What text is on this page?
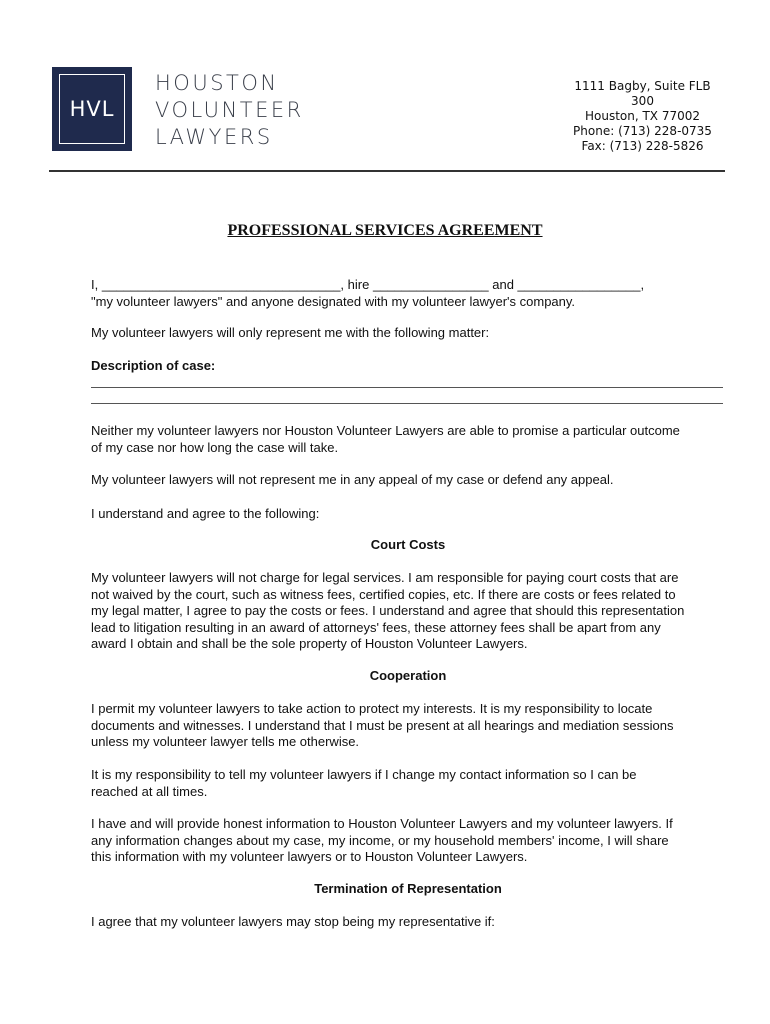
HVL
HOUSTON
VOLUNTEER
LAWYERS
1111 Bagby, Suite FLB
300
Houston, TX 77002
Phone: (713) 228-0735
Fax: (713) 228-5826
PROFESSIONAL SERVICES AGREEMENT
I, _________________________________, hire ________________ and _________________,
"my volunteer lawyers" and anyone designated with my volunteer lawyer's company.
My volunteer lawyers will only represent me with the following matter:
Description of case:
Neither my volunteer lawyers nor Houston Volunteer Lawyers are able to promise a particular outcome
of my case nor how long the case will take.
My volunteer lawyers will not represent me in any appeal of my case or defend any appeal.
I understand and agree to the following:
Court Costs
My volunteer lawyers will not charge for legal services. I am responsible for paying court costs that are
not waived by the court, such as witness fees, certified copies, etc. If there are costs or fees related to
my legal matter, I agree to pay the costs or fees. I understand and agree that should this representation
lead to litigation resulting in an award of attorneys' fees, these attorney fees shall be apart from any
award I obtain and shall be the sole property of Houston Volunteer Lawyers.
Cooperation
I permit my volunteer lawyers to take action to protect my interests. It is my responsibility to locate
documents and witnesses. I understand that I must be present at all hearings and mediation sessions
unless my volunteer lawyer tells me otherwise.
It is my responsibility to tell my volunteer lawyers if I change my contact information so I can be
reached at all times.
I have and will provide honest information to Houston Volunteer Lawyers and my volunteer lawyers. If
any information changes about my case, my income, or my household members' income, I will share
this information with my volunteer lawyers or to Houston Volunteer Lawyers.
Termination of Representation
I agree that my volunteer lawyers may stop being my representative if:
